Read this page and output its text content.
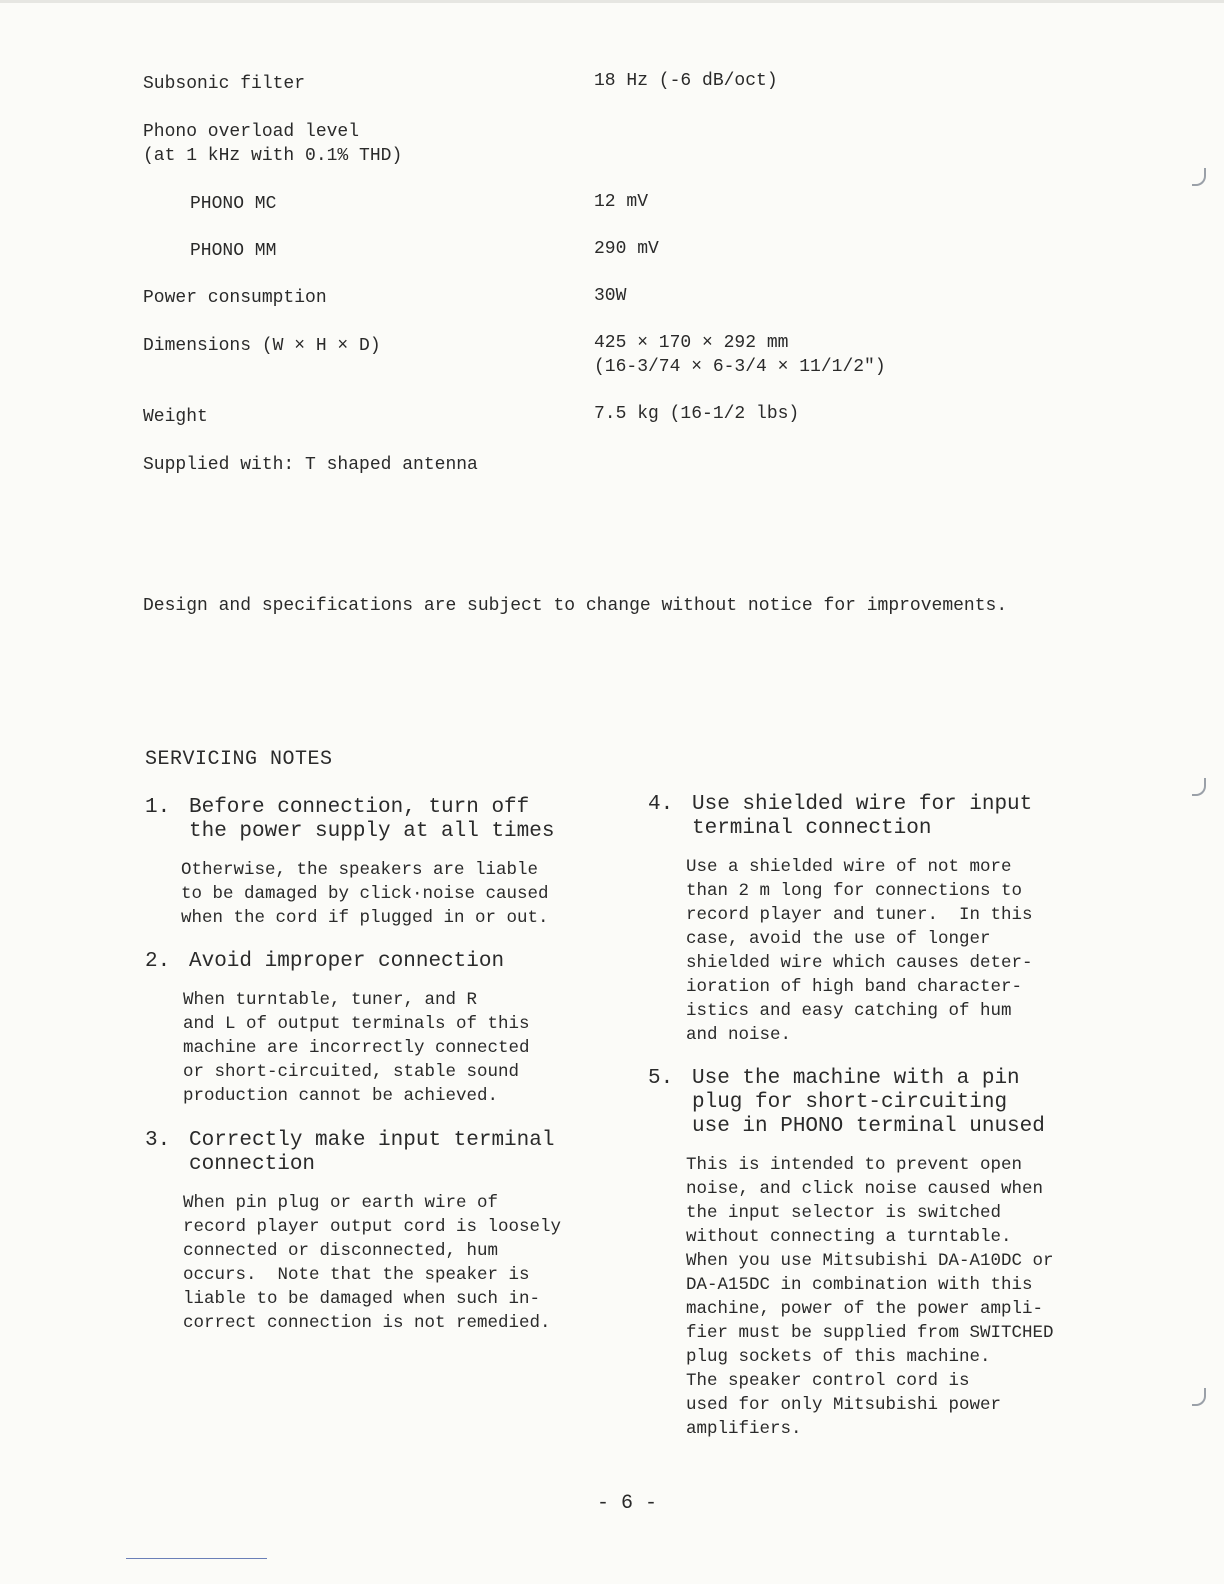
Subsonic filter	18 Hz (-6 dB/oct)
Phono overload level
(at 1 kHz with 0.1% THD)
PHONO MC	12 mV
PHONO MM	290 mV
Power consumption	30W
Dimensions (W × H × D)	425 × 170 × 292 mm
(16-3/74 × 6-3/4 × 11/1/2")
Weight	7.5 kg (16-1/2 lbs)
Supplied with: T shaped antenna
Design and specifications are subject to change without notice for improvements.
SERVICING NOTES
1. Before connection, turn off
the power supply at all times
Otherwise, the speakers are liable
to be damaged by click·noise caused
when the cord if plugged in or out.
2. Avoid improper connection
When turntable, tuner, and R
and L of output terminals of this
machine are incorrectly connected
or short-circuited, stable sound
production cannot be achieved.
3. Correctly make input terminal
connection
When pin plug or earth wire of
record player output cord is loosely
connected or disconnected, hum
occurs.  Note that the speaker is
liable to be damaged when such in-
correct connection is not remedied.
4. Use shielded wire for input
terminal connection
Use a shielded wire of not more
than 2 m long for connections to
record player and tuner.  In this
case, avoid the use of longer
shielded wire which causes deter-
ioration of high band character-
istics and easy catching of hum
and noise.
5. Use the machine with a pin
plug for short-circuiting
use in PHONO terminal unused
This is intended to prevent open
noise, and click noise caused when
the input selector is switched
without connecting a turntable.
When you use Mitsubishi DA-A10DC or
DA-A15DC in combination with this
machine, power of the power ampli-
fier must be supplied from SWITCHED
plug sockets of this machine.
The speaker control cord is
used for only Mitsubishi power
amplifiers.
- 6 -
